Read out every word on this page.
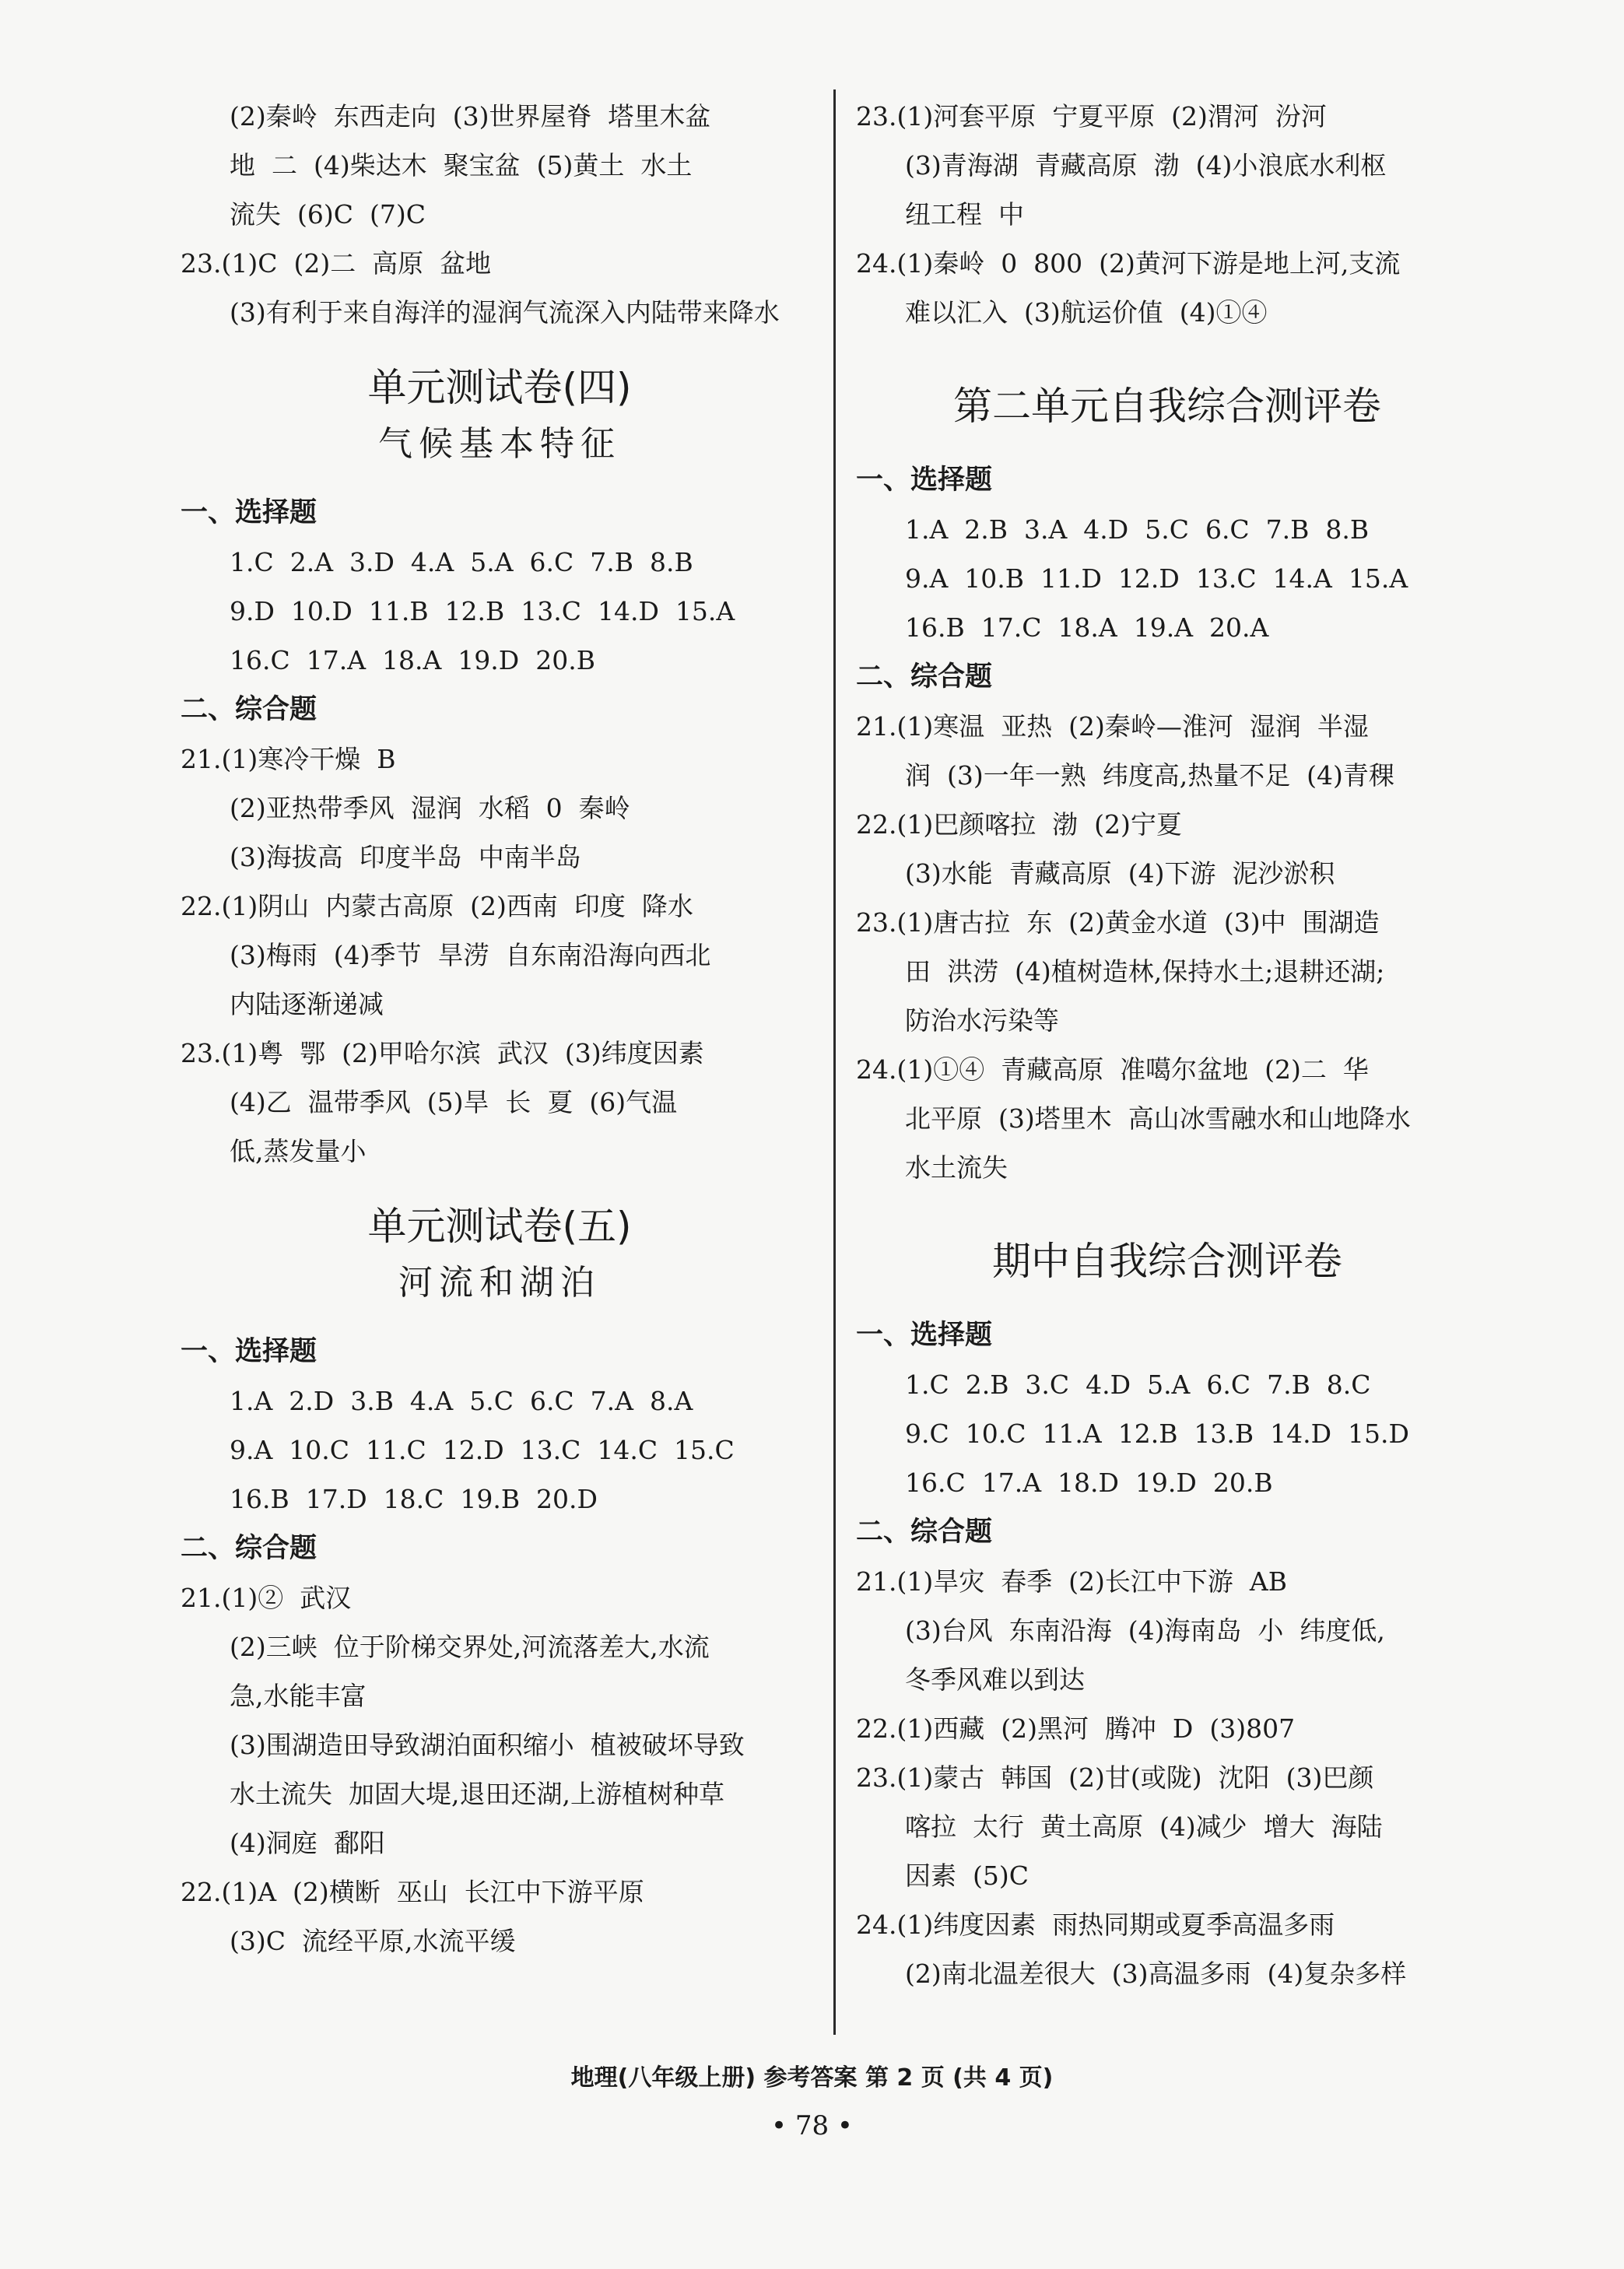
(2)秦岭  东西走向  (3)世界屋脊  塔里木盆
地  二  (4)柴达木  聚宝盆  (5)黄土  水土
流失  (6)C  (7)C
23.(1)C  (2)二  高原  盆地
(3)有利于来自海洋的湿润气流深入内陆带来降水
单元测试卷(四)
气候基本特征
一、选择题
1.C  2.A  3.D  4.A  5.A  6.C  7.B  8.B
9.D  10.D  11.B  12.B  13.C  14.D  15.A
16.C  17.A  18.A  19.D  20.B
二、综合题
21.(1)寒冷干燥  B
(2)亚热带季风  湿润  水稻  0  秦岭
(3)海拔高  印度半岛  中南半岛
22.(1)阴山  内蒙古高原  (2)西南  印度  降水
(3)梅雨  (4)季节  旱涝  自东南沿海向西北
内陆逐渐递减
23.(1)粤  鄂  (2)甲哈尔滨  武汉  (3)纬度因素
(4)乙  温带季风  (5)旱  长  夏  (6)气温
低,蒸发量小
单元测试卷(五)
河流和湖泊
一、选择题
1.A  2.D  3.B  4.A  5.C  6.C  7.A  8.A
9.A  10.C  11.C  12.D  13.C  14.C  15.C
16.B  17.D  18.C  19.B  20.D
二、综合题
21.(1)②  武汉
(2)三峡  位于阶梯交界处,河流落差大,水流
急,水能丰富
(3)围湖造田导致湖泊面积缩小  植被破坏导致
水土流失  加固大堤,退田还湖,上游植树种草
(4)洞庭  鄱阳
22.(1)A  (2)横断  巫山  长江中下游平原
(3)C  流经平原,水流平缓
23.(1)河套平原  宁夏平原  (2)渭河  汾河
(3)青海湖  青藏高原  渤  (4)小浪底水利枢
纽工程  中
24.(1)秦岭  0  800  (2)黄河下游是地上河,支流
难以汇入  (3)航运价值  (4)①④
第二单元自我综合测评卷
一、选择题
1.A  2.B  3.A  4.D  5.C  6.C  7.B  8.B
9.A  10.B  11.D  12.D  13.C  14.A  15.A
16.B  17.C  18.A  19.A  20.A
二、综合题
21.(1)寒温  亚热  (2)秦岭—淮河  湿润  半湿
润  (3)一年一熟  纬度高,热量不足  (4)青稞
22.(1)巴颜喀拉  渤  (2)宁夏
(3)水能  青藏高原  (4)下游  泥沙淤积
23.(1)唐古拉  东  (2)黄金水道  (3)中  围湖造
田  洪涝  (4)植树造林,保持水土;退耕还湖;
防治水污染等
24.(1)①④  青藏高原  准噶尔盆地  (2)二  华
北平原  (3)塔里木  高山冰雪融水和山地降水
水土流失
期中自我综合测评卷
一、选择题
1.C  2.B  3.C  4.D  5.A  6.C  7.B  8.C
9.C  10.C  11.A  12.B  13.B  14.D  15.D
16.C  17.A  18.D  19.D  20.B
二、综合题
21.(1)旱灾  春季  (2)长江中下游  AB
(3)台风  东南沿海  (4)海南岛  小  纬度低,
冬季风难以到达
22.(1)西藏  (2)黑河  腾冲  D  (3)807
23.(1)蒙古  韩国  (2)甘(或陇)  沈阳  (3)巴颜
喀拉  太行  黄土高原  (4)减少  增大  海陆
因素  (5)C
24.(1)纬度因素  雨热同期或夏季高温多雨
(2)南北温差很大  (3)高温多雨  (4)复杂多样
地理(八年级上册) 参考答案 第 2 页 (共 4 页)
• 78 •
